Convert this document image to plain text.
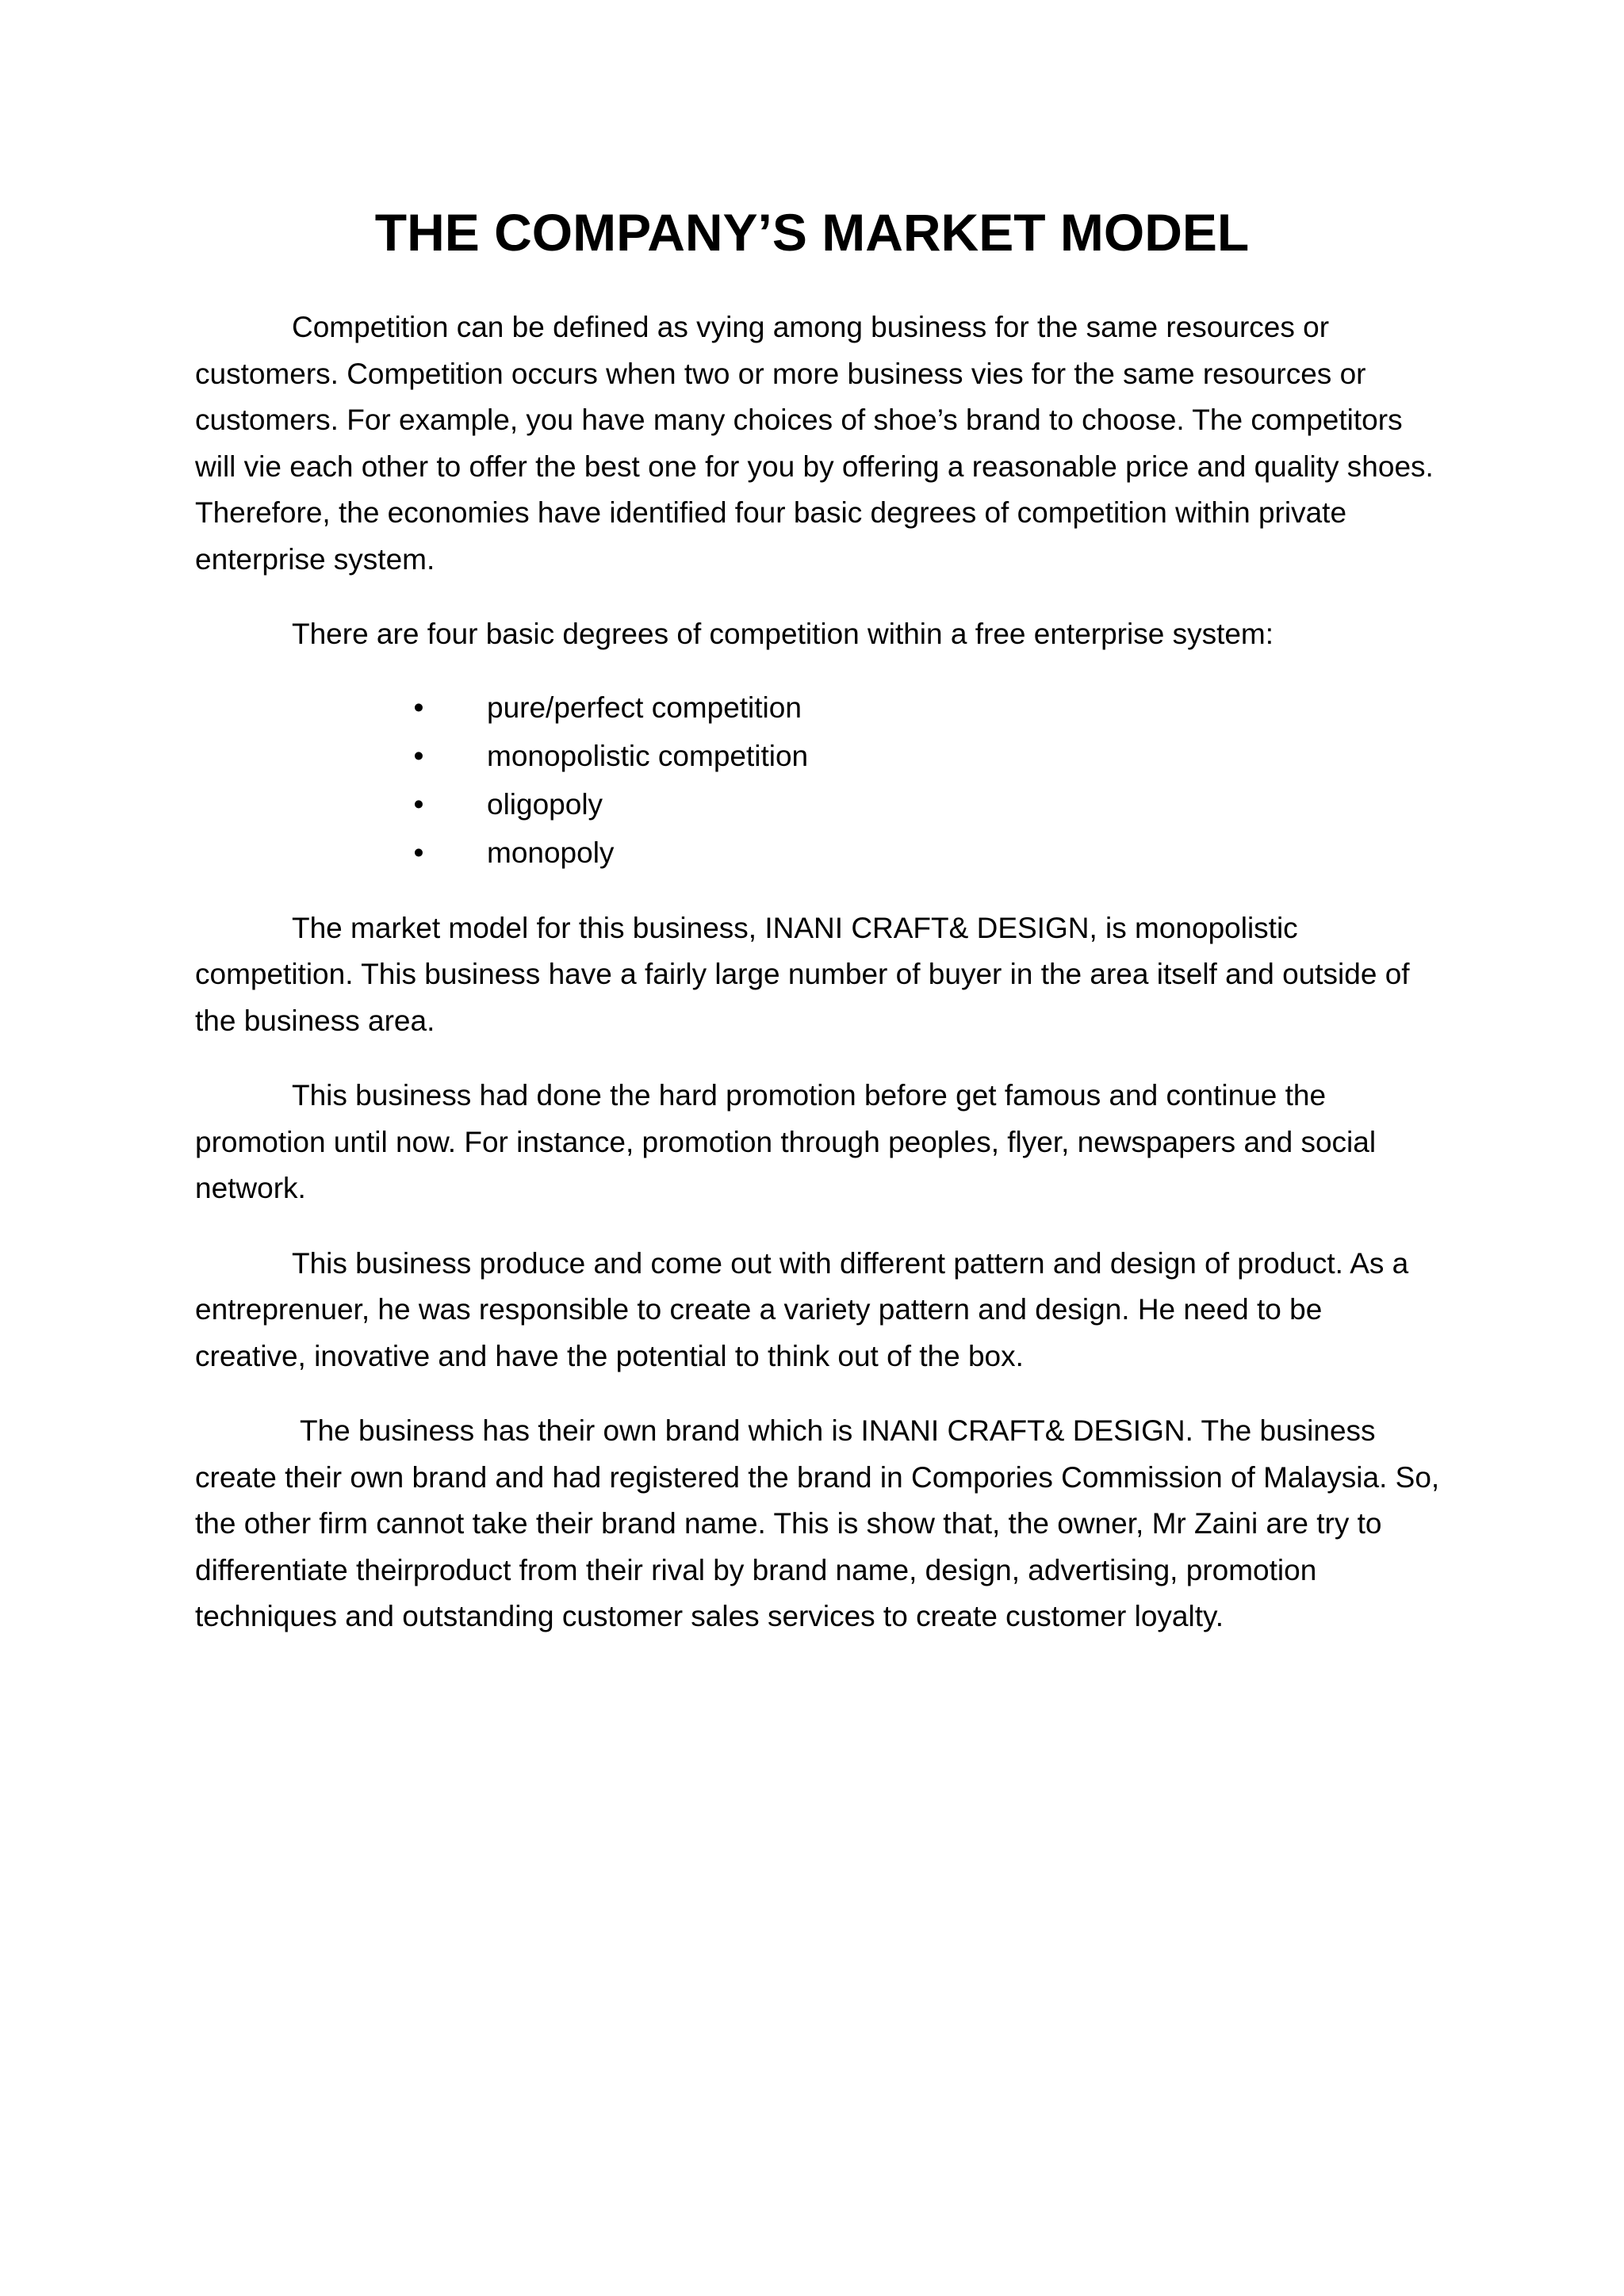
THE COMPANY’S MARKET MODEL

Competition can be defined as vying among business for the same resources or customers. Competition occurs when two or more business vies for the same resources or customers. For example, you have many choices of shoe’s brand to choose. The competitors will vie each other to offer the best one for you by offering a reasonable price and quality shoes. Therefore, the economies have identified four basic degrees of competition within private enterprise system.

There are four basic degrees of competition within a free enterprise system:

•	pure/perfect competition
•	monopolistic competition
•	oligopoly
•	monopoly

The market model for this business, INANI CRAFT& DESIGN, is monopolistic competition. This business have a fairly large number of buyer in the area itself and outside of the business area.

This business had done the hard promotion before get famous and continue the promotion until now. For instance, promotion through peoples, flyer, newspapers and social network.

This business produce and come out with different pattern and design of product. As a entreprenuer, he was responsible to create a variety pattern and design. He need to be creative, inovative and have the potential to think out of the box.

The business has their own brand which is INANI CRAFT& DESIGN. The business create their own brand and had registered the brand in Compories Commission of Malaysia. So, the other firm cannot take their brand name. This is show that, the owner, Mr Zaini are try to differentiate theirproduct from their rival by brand name, design, advertising, promotion techniques and outstanding customer sales services to create customer loyalty.
